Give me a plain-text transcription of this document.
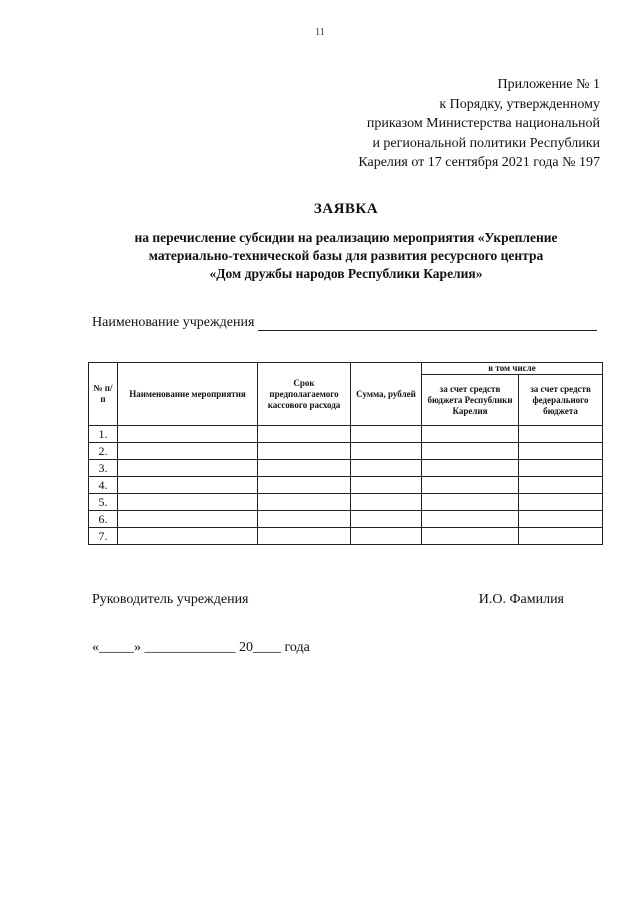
11
Приложение № 1
к Порядку, утвержденному
приказом Министерства национальной
и региональной политики Республики
Карелия от 17 сентября 2021 года № 197
ЗАЯВКА
на перечисление субсидии на реализацию мероприятия «Укрепление
материально-технической базы для развития ресурсного центра
«Дом дружбы народов Республики Карелия»
Наименование учреждения
№ п/п	Наименование мероприятия	Срок предполагаемого кассового расхода	Сумма, рублей	в том числе	
				за счет средств бюджета Республики Карелия	за счет средств федерального бюджета
1.					
2.					
3.					
4.					
5.					
6.					
7.					
Руководитель учреждения	И.О. Фамилия
«_____» _____________ 20____ года
